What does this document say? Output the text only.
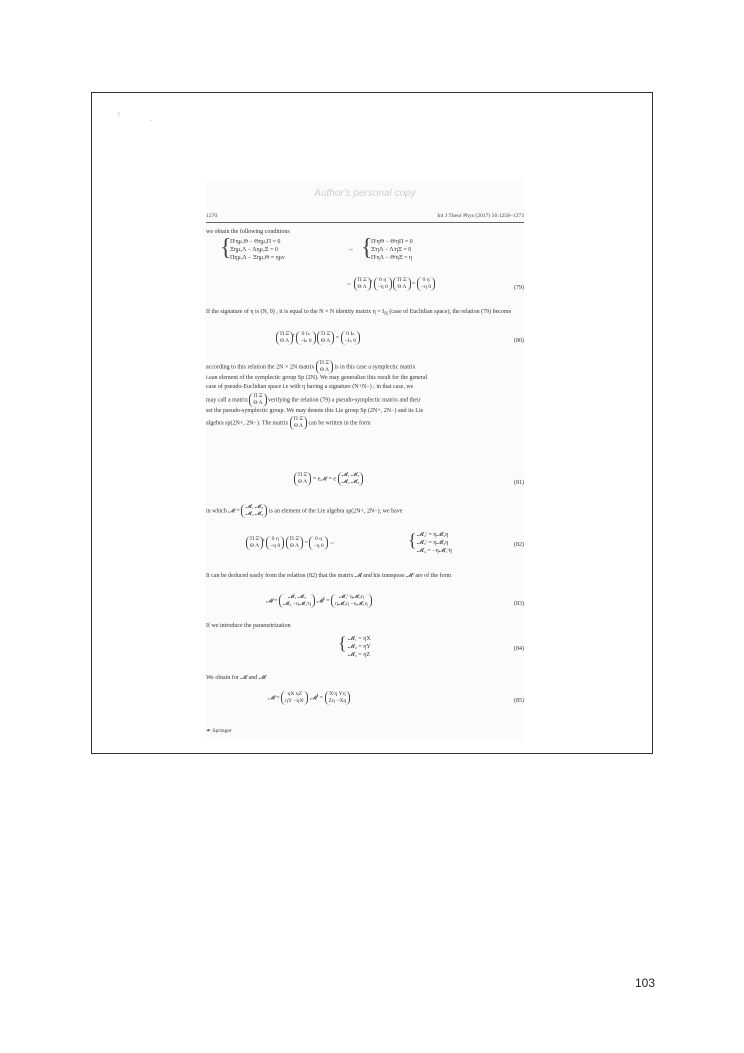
?
-
Author's personal copy
1270	Int J Theor Phys (2017) 56:1258–1273
we obtain the following conditions
{
ΠᵗημₒΘ − ΘημₒΠ = 0
ΞημₒΛ − ΛημₒΞ = 0
ΠημₒΛ − ΞημₒΘ = ημν
⇔ {
ΠᵗηΘ − ΘᵗηΠ = 0
ΞᵗηΛ − ΛᵗηΞ = 0
ΠᵗηΛ − ΘᵗηΞ = η
⇔ Π Ξ
Θ $\Lambda^t$ 0 η
−η 0 Π Ξ
Θ Λ = 0 η
−η 0	(79)
If the signature of η is (N, 0) , it is equal to the N × N identity matrix $\eta = I_N$ (case of Euclidian space), the relation (79) become
Π Ξ
Θ $\Lambda^t$ 0 Iₙ
−Iₙ 0 Π Ξ
Θ Λ = 0 Iₙ
−Iₙ 0	(80)
according to this relation the 2N × 2N matrix Π Ξ
Θ Λ is in this case a symplectic matrix
i.ean element of the symplectic group Sp (2N). We may generalize this result for the general
case of pseudo-Euclidian space i.e with η having a signature (N+N−) ; in that case, we
may call a matrix Π Ξ
Θ Λ verifying the relation (79) a pseudo-symplectic matrix and their
set the pseudo-symplectic group. We may denote this Lie group Sp (2N+, 2N−) and its Lie
algebra sp(2N+, 2N−). The matrix Π Ξ
Θ Λ can be written in the form
Π Ξ
Θ Λ = e𝓜 = e 𝓜₁ 𝓜₃
𝓜₂ 𝓜₄	(81)
in which 𝓜 = 𝓜₁ 𝓜₃
𝓜₂ 𝓜₄ is an element of the Lie algebra sp(2N+, 2N−), we have
Π Ξ
Θ $\Lambda^t$ 0 η
−η 0 Π Ξ
Θ Λ = 0 η
−η 0 ⇔	{ 𝓜₂ᵗ = η𝓜₂η
𝓜₃ᵗ = η𝓜₃η
𝓜₄ = −η𝓜₁ᵗη
(82)
It can be deduced easily from the relation (82) that the matrix 𝓜 and his transpose 𝓜ᵗ are of the form
𝓜 = 𝓜₁ 𝓜₃
𝓜₂ −η𝓜₁ᵗη 𝓜$^t$ = 𝓜₁ᵗ η𝓜₂η
η𝓜₃η −η𝓜₁η	(83)
If we introduce the parametrization
{ 𝓜₁ = ηX
𝓜₂ = ηY
𝓜₃ = ηZ
(84)
We obtain for 𝓜 and 𝓜ᵗ
𝓜 = ηX ηZ
ηY −ηXᵗ 𝓜$^t$ = Xᵗη Yη
Zη −Xη	(85)
☙ Springer
103
